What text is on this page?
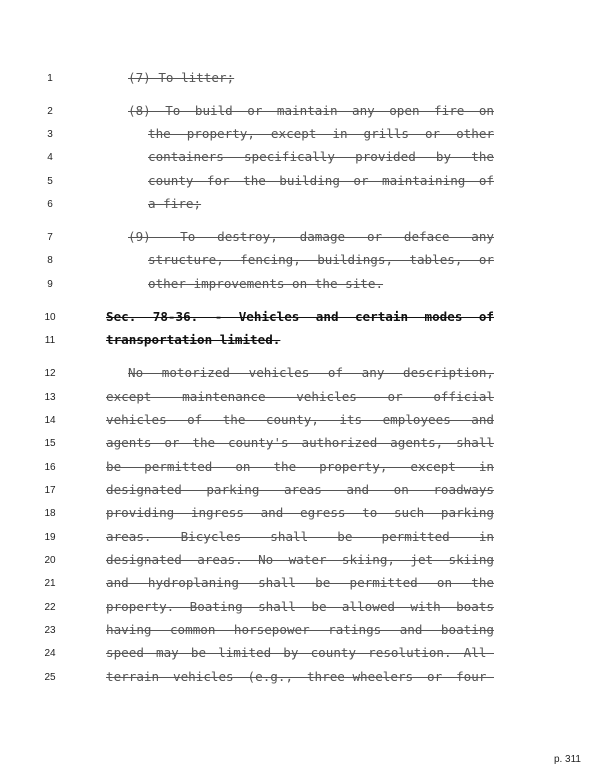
1	(7) To litter;
2	(8) To build or maintain any open fire on
3	the property, except in grills or other
4	containers specifically provided by the
5	county for the building or maintaining of
6	a fire;
7	(9) —To destroy, damage or deface any
8	structure, fencing, buildings, tables, or
9	other improvements on the site.
10	Sec. 78-36. - Vehicles and certain modes of
11	transportation limited.
12	No motorized vehicles of any description,
13	except maintenance vehicles or official
14	vehicles of the county, its employees and
15	agents or the county's authorized agents, shall
16	be permitted on the property, except in
17	designated parking areas and on roadways
18	providing ingress and egress to such parking
19	areas. Bicycles shall be permitted in
20	designated areas. No water skiing, jet skiing
21	and hydroplaning shall be permitted on the
22	property. Boating shall be allowed with boats
23	having common horsepower ratings and boating
24	speed may be limited by county resolution. All-
25	terrain vehicles (e.g., three-wheelers or four-
p. 311
